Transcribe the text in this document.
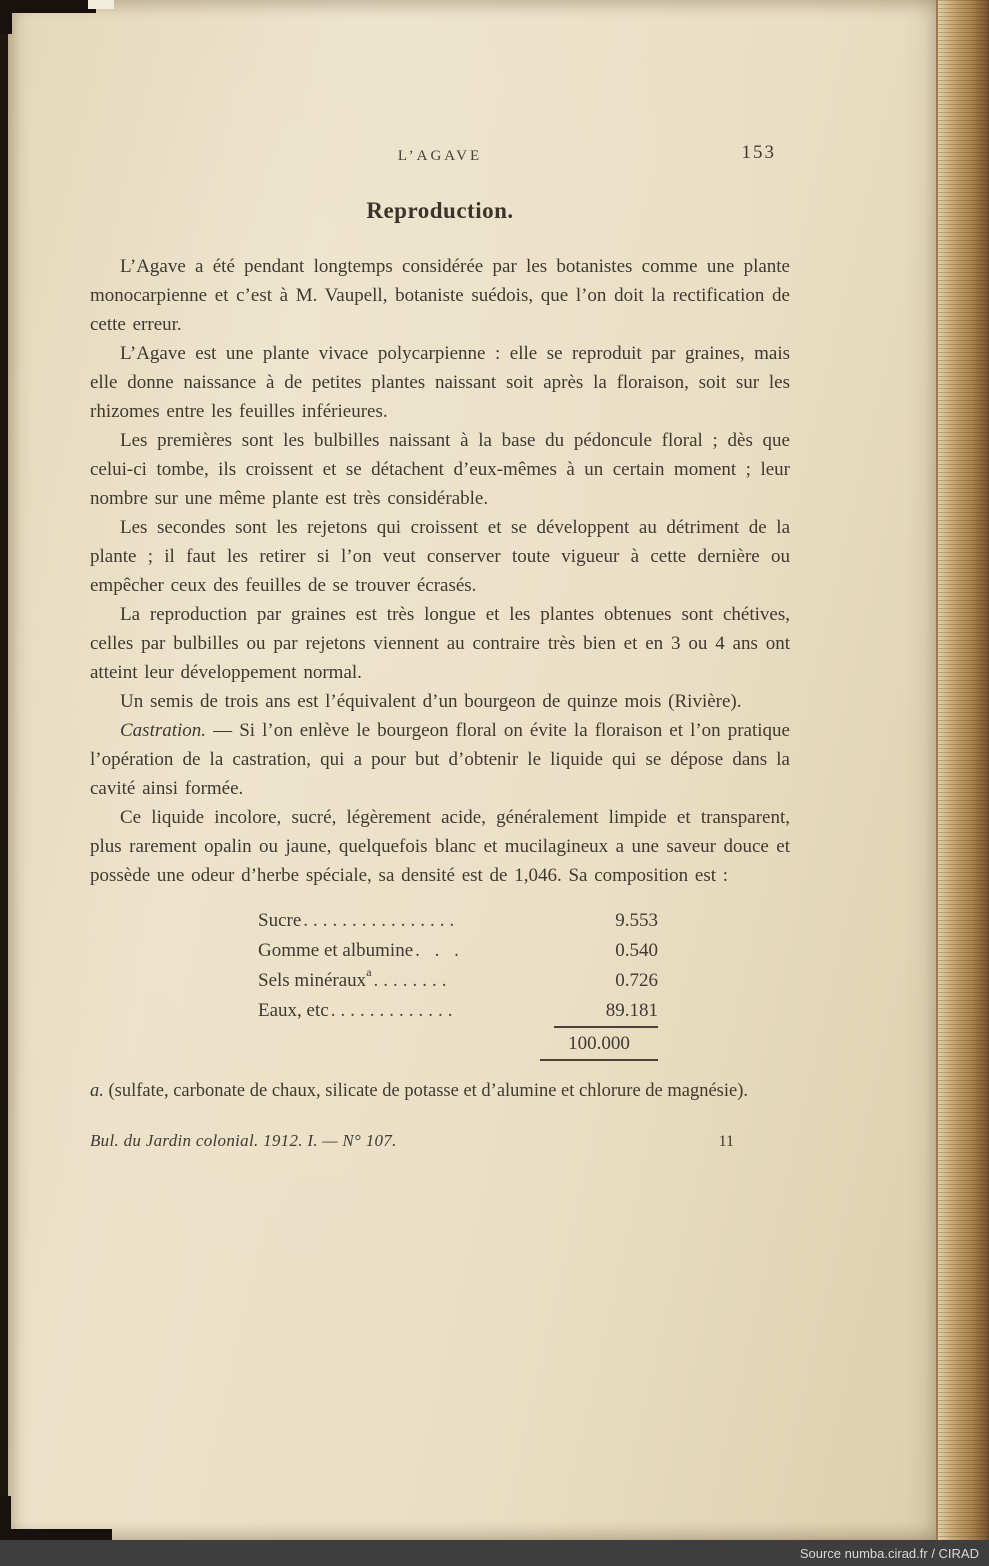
L’AGAVE	153
Reproduction.

L’Agave a été pendant longtemps considérée par les botanistes comme une plante monocarpienne et c’est à M. Vaupell, botaniste suédois, que l’on doit la rectification de cette erreur.

L’Agave est une plante vivace polycarpienne : elle se reproduit par graines, mais elle donne naissance à de petites plantes naissant soit après la floraison, soit sur les rhizomes entre les feuilles inférieures.

Les premières sont les bulbilles naissant à la base du pédoncule floral ; dès que celui-ci tombe, ils croissent et se détachent d’eux-mêmes à un certain moment ; leur nombre sur une même plante est très considérable.

Les secondes sont les rejetons qui croissent et se développent au détriment de la plante ; il faut les retirer si l’on veut conserver toute vigueur à cette dernière ou empêcher ceux des feuilles de se trouver écrasés.

La reproduction par graines est très longue et les plantes obtenues sont chétives, celles par bulbilles ou par rejetons viennent au contraire très bien et en 3 ou 4 ans ont atteint leur développement normal.

Un semis de trois ans est l’équivalent d’un bourgeon de quinze mois (Rivière).

Castration. — Si l’on enlève le bourgeon floral on évite la floraison et l’on pratique l’opération de la castration, qui a pour but d’obtenir le liquide qui se dépose dans la cavité ainsi formée.

Ce liquide incolore, sucré, légèrement acide, généralement limpide et transparent, plus rarement opalin ou jaune, quelquefois blanc et mucilagineux a une saveur douce et possède une odeur d’herbe spéciale, sa densité est de 1,046. Sa composition est :

Sucre ................	9.553
Gomme et albumine . . .	0.540
Sels minéraux a ........	0.726
Eaux, etc .............	89.181
100.000

a. (sulfate, carbonate de chaux, silicate de potasse et d’alumine et chlorure de magnésie).

Bul. du Jardin colonial. 1912. I. — N° 107.	11
Source numba.cirad.fr / CIRAD
